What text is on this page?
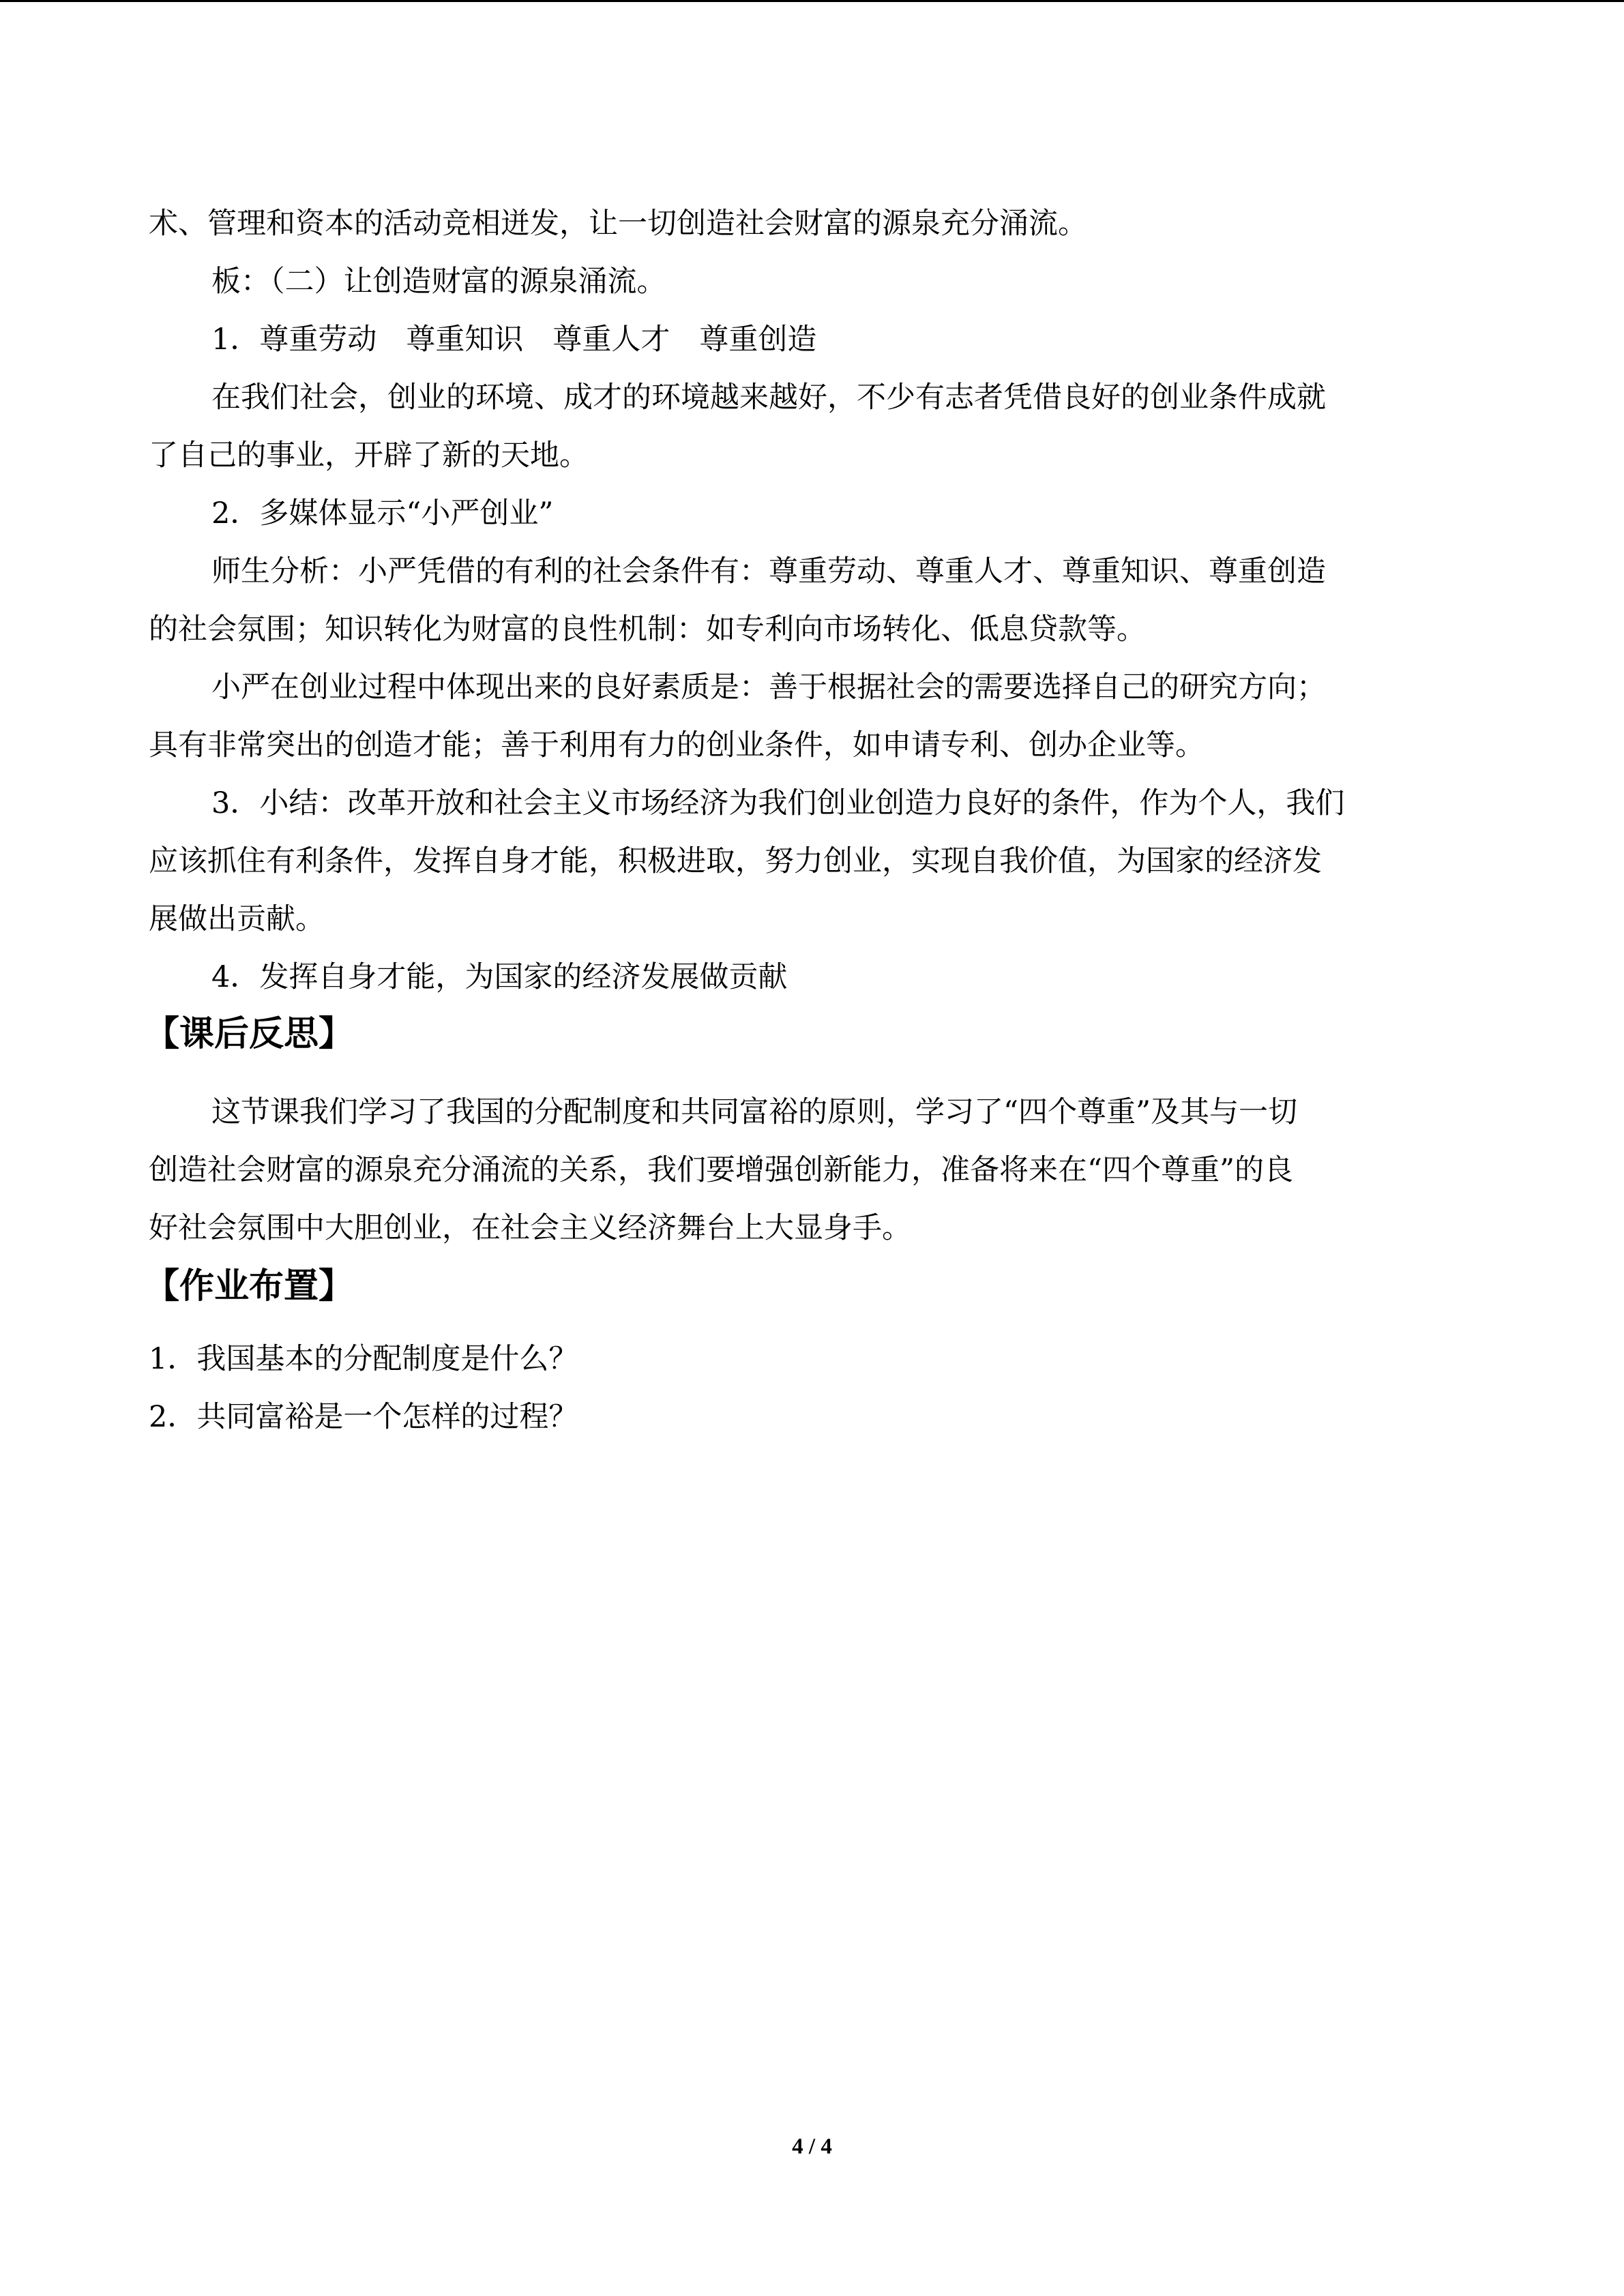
术、管理和资本的活动竞相迸发，让一切创造社会财富的源泉充分涌流。
板：（二）让创造财富的源泉涌流。
1．尊重劳动　尊重知识　尊重人才　尊重创造
在我们社会，创业的环境、成才的环境越来越好，不少有志者凭借良好的创业条件成就
了自己的事业，开辟了新的天地。
2．多媒体显示“小严创业”
师生分析：小严凭借的有利的社会条件有：尊重劳动、尊重人才、尊重知识、尊重创造
的社会氛围；知识转化为财富的良性机制：如专利向市场转化、低息贷款等。
小严在创业过程中体现出来的良好素质是：善于根据社会的需要选择自己的研究方向；
具有非常突出的创造才能；善于利用有力的创业条件，如申请专利、创办企业等。
3．小结：改革开放和社会主义市场经济为我们创业创造力良好的条件，作为个人，我们
应该抓住有利条件，发挥自身才能，积极进取，努力创业，实现自我价值，为国家的经济发
展做出贡献。
4．发挥自身才能，为国家的经济发展做贡献
【课后反思】
这节课我们学习了我国的分配制度和共同富裕的原则，学习了“四个尊重”及其与一切
创造社会财富的源泉充分涌流的关系，我们要增强创新能力，准备将来在“四个尊重”的良
好社会氛围中大胆创业，在社会主义经济舞台上大显身手。
【作业布置】
1．我国基本的分配制度是什么？
2．共同富裕是一个怎样的过程？
4 / 4
